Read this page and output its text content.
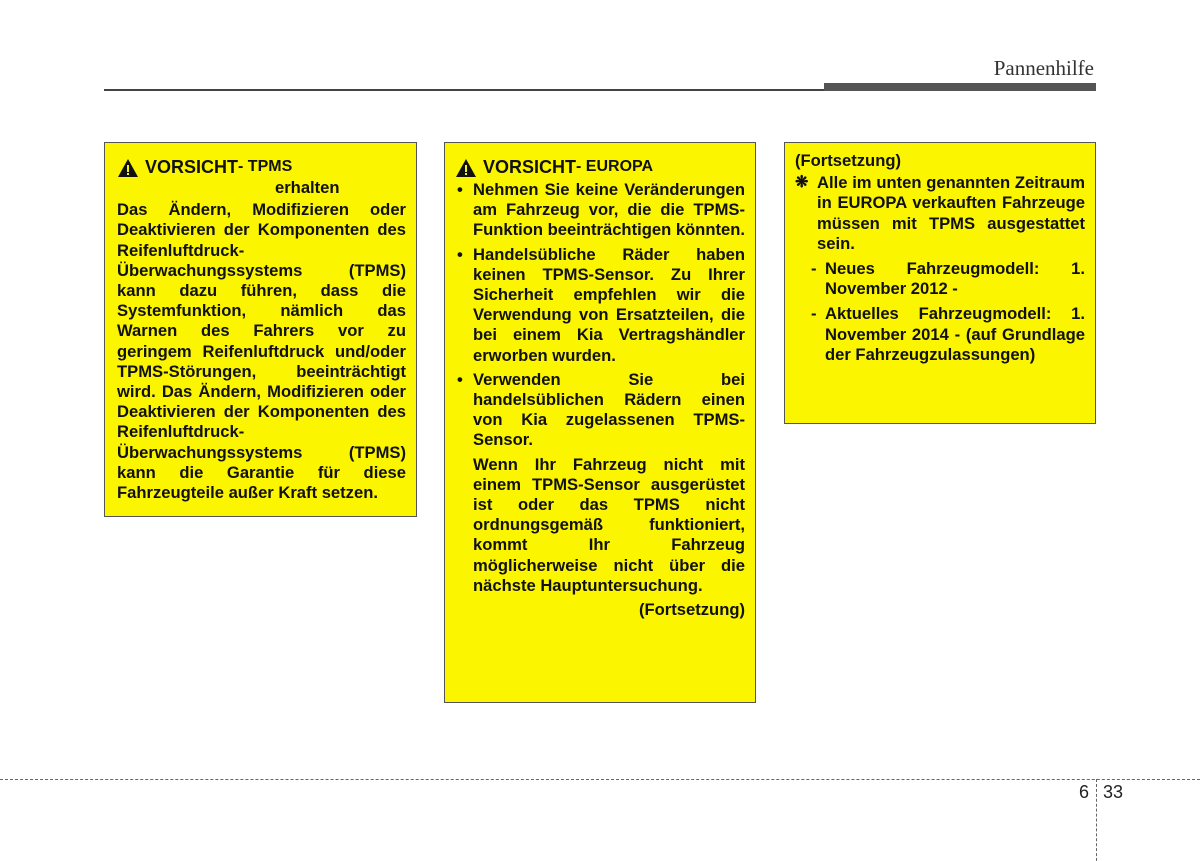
Pannenhilfe
VORSICHT - TPMS
erhalten

Das Ändern, Modifizieren oder Deaktivieren der Komponenten des Reifenluftdruck-Überwachungssystems (TPMS) kann dazu führen, dass die Systemfunktion, nämlich das Warnen des Fahrers vor zu geringem Reifenluftdruck und/oder TPMS-Störungen, beeinträchtigt wird. Das Ändern, Modifizieren oder Deaktivieren der Komponenten des Reifenluftdruck-Überwachungssystems (TPMS) kann die Garantie für diese Fahrzeugteile außer Kraft setzen.

VORSICHT - EUROPA
• Nehmen Sie keine Veränderungen am Fahrzeug vor, die die TPMS-Funktion beeinträchtigen könnten.
• Handelsübliche Räder haben keinen TPMS-Sensor. Zu Ihrer Sicherheit empfehlen wir die Verwendung von Ersatzteilen, die bei einem Kia Vertragshändler erworben wurden.
• Verwenden Sie bei handelsüblichen Rädern einen von Kia zugelassenen TPMS-Sensor.

Wenn Ihr Fahrzeug nicht mit einem TPMS-Sensor ausgerüstet ist oder das TPMS nicht ordnungsgemäß funktioniert, kommt Ihr Fahrzeug möglicherweise nicht über die nächste Hauptuntersuchung.

(Fortsetzung)
(Fortsetzung)
❋ Alle im unten genannten Zeitraum in EUROPA verkauften Fahrzeuge müssen mit TPMS ausgestattet sein.
- Neues Fahrzeugmodell: 1. November 2012 -
- Aktuelles Fahrzeugmodell: 1. November 2014 - (auf Grundlage der Fahrzeugzulassungen)
6 33
